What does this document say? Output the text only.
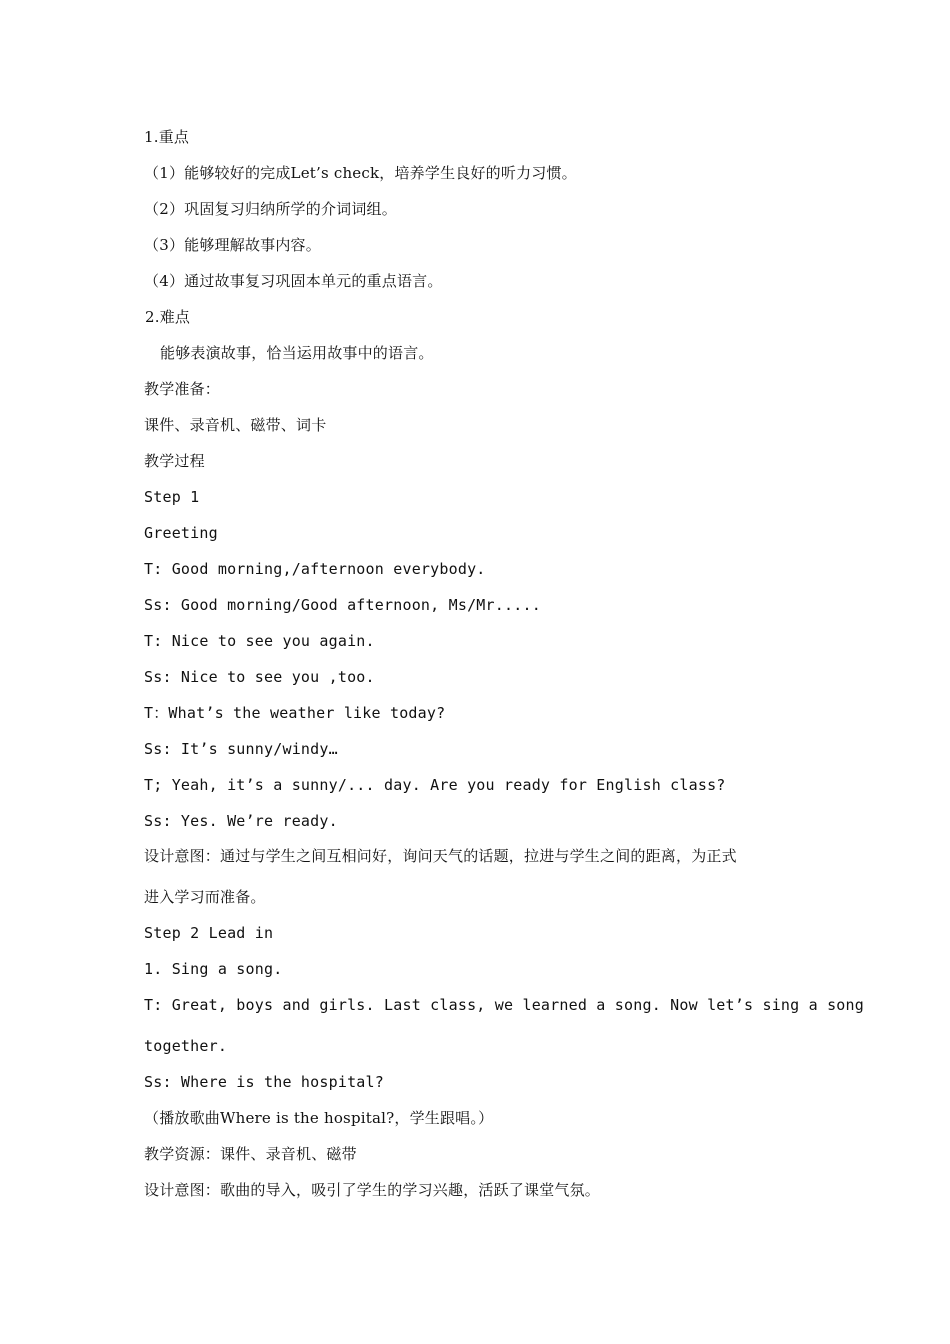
1.重点
（1）能够较好的完成Let’s check，培养学生良好的听力习惯。
（2）巩固复习归纳所学的介词词组。
（3）能够理解故事内容。
（4）通过故事复习巩固本单元的重点语言。
2.难点
能够表演故事，恰当运用故事中的语言。
教学准备：
课件、录音机、磁带、词卡
教学过程
Step 1
Greeting
T: Good morning,/afternoon everybody.
Ss: Good morning/Good afternoon, Ms/Mr.....
T: Nice to see you again.
Ss: Nice to see you ,too.
T：What’s the weather like today?
Ss: It’s sunny/windy…
T; Yeah, it’s a sunny/... day. Are you ready for English class?
Ss: Yes. We’re ready.
设计意图：通过与学生之间互相问好，询问天气的话题，拉进与学生之间的距离，为正式
进入学习而准备。
Step 2 Lead in
1. Sing a song.
T: Great, boys and girls. Last class, we learned a song. Now let’s sing a song
together.
Ss: Where is the hospital?
（播放歌曲Where is the hospital?，学生跟唱。）
教学资源：课件、录音机、磁带
设计意图：歌曲的导入，吸引了学生的学习兴趣，活跃了课堂气氛。
